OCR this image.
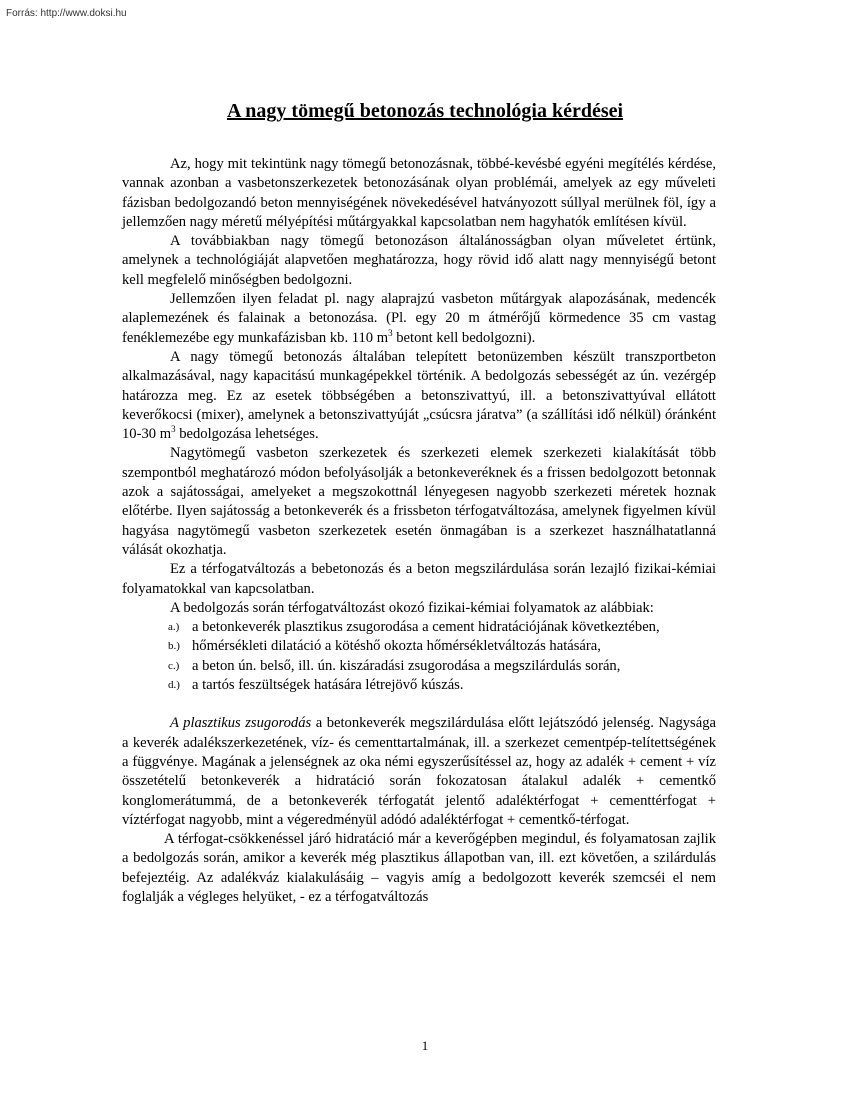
Forrás: http://www.doksi.hu
A nagy tömegű betonozás technológia kérdései

Az, hogy mit tekintünk nagy tömegű betonozásnak, többé-kevésbé egyéni megítélés kérdése, vannak azonban a vasbetonszerkezetek betonozásának olyan problémái, amelyek az egy műveleti fázisban bedolgozandó beton mennyiségének növekedésével hatványozott súllyal merülnek föl, így a jellemzően nagy méretű mélyépítési műtárgyakkal kapcsolatban nem hagyhatók említésen kívül.

A továbbiakban nagy tömegű betonozáson általánosságban olyan műveletet értünk, amelynek a technológiáját alapvetően meghatározza, hogy rövid idő alatt nagy mennyiségű betont kell megfelelő minőségben bedolgozni.

Jellemzően ilyen feladat pl. nagy alaprajzú vasbeton műtárgyak alapozásának, medencék alaplemezének és falainak a betonozása. (Pl. egy 20 m átmérőjű körmedence 35 cm vastag fenéklemezébe egy munkafázisban kb. 110 $m^3$ betont kell bedolgozni).

A nagy tömegű betonozás általában telepített betonüzemben készült transzportbeton alkalmazásával, nagy kapacitású munkagépekkel történik. A bedolgozás sebességét az ún. vezérgép határozza meg. Ez az esetek többségében a betonszivattyú, ill. a betonszivattyúval ellátott keverőkocsi (mixer), amelynek a betonszivattyúját „csúcsra járatva” (a szállítási idő nélkül) óránként 10-30 $m^3$ bedolgozása lehetséges.

Nagytömegű vasbeton szerkezetek és szerkezeti elemek szerkezeti kialakítását több szempontból meghatározó módon befolyásolják a betonkeveréknek és a frissen bedolgozott betonnak azok a sajátosságai, amelyeket a megszokottnál lényegesen nagyobb szerkezeti méretek hoznak előtérbe. Ilyen sajátosság a betonkeverék és a frissbeton térfogatváltozása, amelynek figyelmen kívül hagyása nagytömegű vasbeton szerkezetek esetén önmagában is a szerkezet használhatatlanná válását okozhatja.

Ez a térfogatváltozás a bebetonozás és a beton megszilárdulása során lezajló fizikai-kémiai folyamatokkal van kapcsolatban.

A bedolgozás során térfogatváltozást okozó fizikai-kémiai folyamatok az alábbiak:

a.) a betonkeverék plasztikus zsugorodása a cement hidratációjának következtében,
b.) hőmérsékleti dilatáció a kötéshő okozta hőmérsékletváltozás hatására,
c.) a beton ún. belső, ill. ún. kiszáradási zsugorodása a megszilárdulás során,
d.) a tartós feszültségek hatására létrejövő kúszás.

A plasztikus zsugorodás a betonkeverék megszilárdulása előtt lejátszódó jelenség. Nagysága a keverék adalékszerkezetének, víz- és cementtartalmának, ill. a szerkezet cementpép-telítettségének a függvénye. Magának a jelenségnek az oka némi egyszerűsítéssel az, hogy az adalék + cement + víz összetételű betonkeverék a hidratáció során fokozatosan átalakul adalék + cementkő konglomerátummá, de a betonkeverék térfogatát jelentő adaléktérfogat + cementtérfogat + víztérfogat nagyobb, mint a végeredményül adódó adaléktérfogat + cementkő-térfogat.

A térfogat-csökkenéssel járó hidratáció már a keverőgépben megindul, és folyamatosan zajlik a bedolgozás során, amikor a keverék még plasztikus állapotban van, ill. ezt követően, a szilárdulás befejeztéig. Az adalékváz kialakulásáig – vagyis amíg a bedolgozott keverék szemcséi el nem foglalják a végleges helyüket, - ez a térfogatváltozás

1
